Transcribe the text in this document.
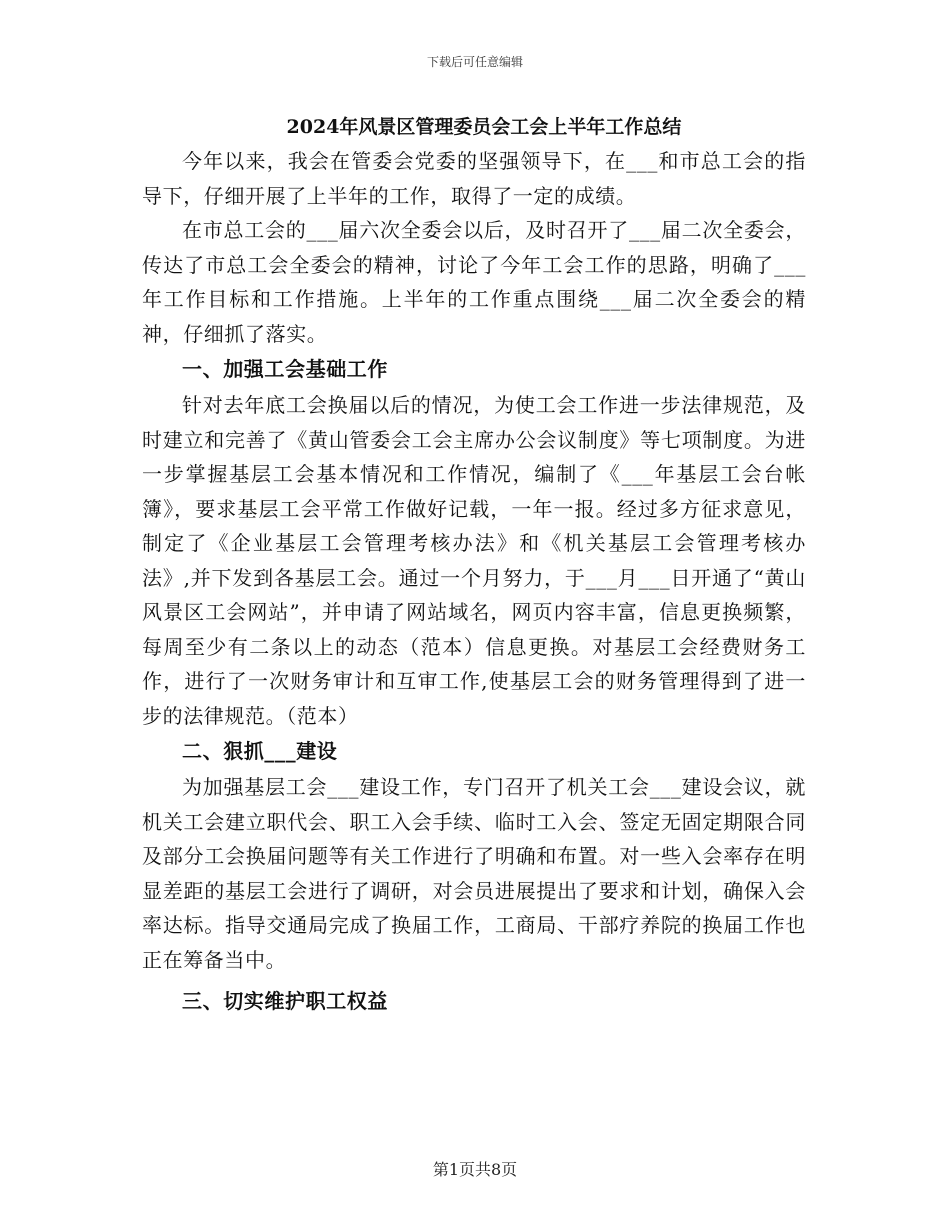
下载后可任意编辑
2024年风景区管理委员会工会上半年工作总结

今年以来，我会在管委会党委的坚强领导下，在___和市总工会的指导下，仔细开展了上半年的工作，取得了一定的成绩。

在市总工会的___届六次全委会以后，及时召开了___届二次全委会，传达了市总工会全委会的精神，讨论了今年工会工作的思路，明确了___年工作目标和工作措施。上半年的工作重点围绕___届二次全委会的精神，仔细抓了落实。

一、加强工会基础工作

针对去年底工会换届以后的情况，为使工会工作进一步法律规范，及时建立和完善了《黄山管委会工会主席办公会议制度》等七项制度。为进一步掌握基层工会基本情况和工作情况，编制了《___年基层工会台帐簿》，要求基层工会平常工作做好记载，一年一报。经过多方征求意见，制定了《企业基层工会管理考核办法》和《机关基层工会管理考核办法》,并下发到各基层工会。通过一个月努力，于___月___日开通了“黄山风景区工会网站”，并申请了网站域名，网页内容丰富，信息更换频繁，每周至少有二条以上的动态（范本）信息更换。对基层工会经费财务工作，进行了一次财务审计和互审工作,使基层工会的财务管理得到了进一步的法律规范。（范本）

二、狠抓___建设

为加强基层工会___建设工作，专门召开了机关工会___建设会议，就机关工会建立职代会、职工入会手续、临时工入会、签定无固定期限合同及部分工会换届问题等有关工作进行了明确和布置。对一些入会率存在明显差距的基层工会进行了调研，对会员进展提出了要求和计划，确保入会率达标。指导交通局完成了换届工作，工商局、干部疗养院的换届工作也正在筹备当中。

三、切实维护职工权益
第1页共8页
